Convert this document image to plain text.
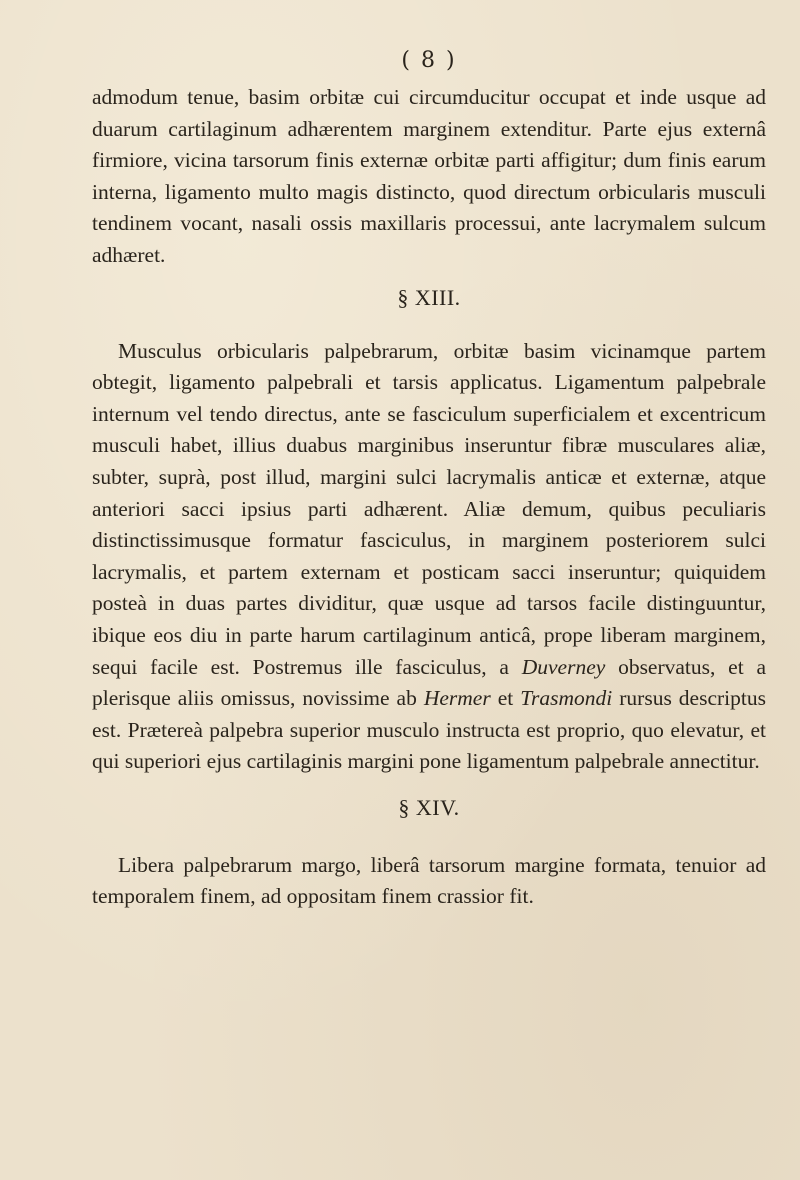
( 8 )

admodum tenue, basim orbitæ cui circumducitur occupat et inde usque ad duarum cartilaginum adhærentem marginem extenditur. Parte ejus externâ firmiore, vicina tarsorum finis externæ orbitæ parti affigitur; dum finis earum interna, ligamento multo magis distincto, quod directum orbicularis musculi tendinem vocant, nasali ossis maxillaris processui, ante lacrymalem sulcum adhæret.

§ XIII.

Musculus orbicularis palpebrarum, orbitæ basim vicinamque partem obtegit, ligamento palpebrali et tarsis applicatus. Ligamentum palpebrale internum vel tendo directus, ante se fasciculum superficialem et excentricum musculi habet, illius duabus marginibus inseruntur fibræ musculares aliæ, subter, suprà, post illud, margini sulci lacrymalis anticæ et externæ, atque anteriori sacci ipsius parti adhærent. Aliæ demum, quibus peculiaris distinctissimusque formatur fasciculus, in marginem posteriorem sulci lacrymalis, et partem externam et posticam sacci inseruntur; quiquidem posteà in duas partes dividitur, quæ usque ad tarsos facile distinguuntur, ibique eos diu in parte harum cartilaginum anticâ, prope liberam marginem, sequi facile est. Postremus ille fasciculus, a Duverney observatus, et a plerisque aliis omissus, novissime ab Hermer et Trasmondi rursus descriptus est. Præterеà palpebra superior musculo instructa est proprio, quo elevatur, et qui superiori ejus cartilaginis margini pone ligamentum palpebrale annectitur.

§ XIV.

Libera palpebrarum margo, liberâ tarsorum margine formata, tenuior ad temporalem finem, ad oppositam finem crassior fit.
